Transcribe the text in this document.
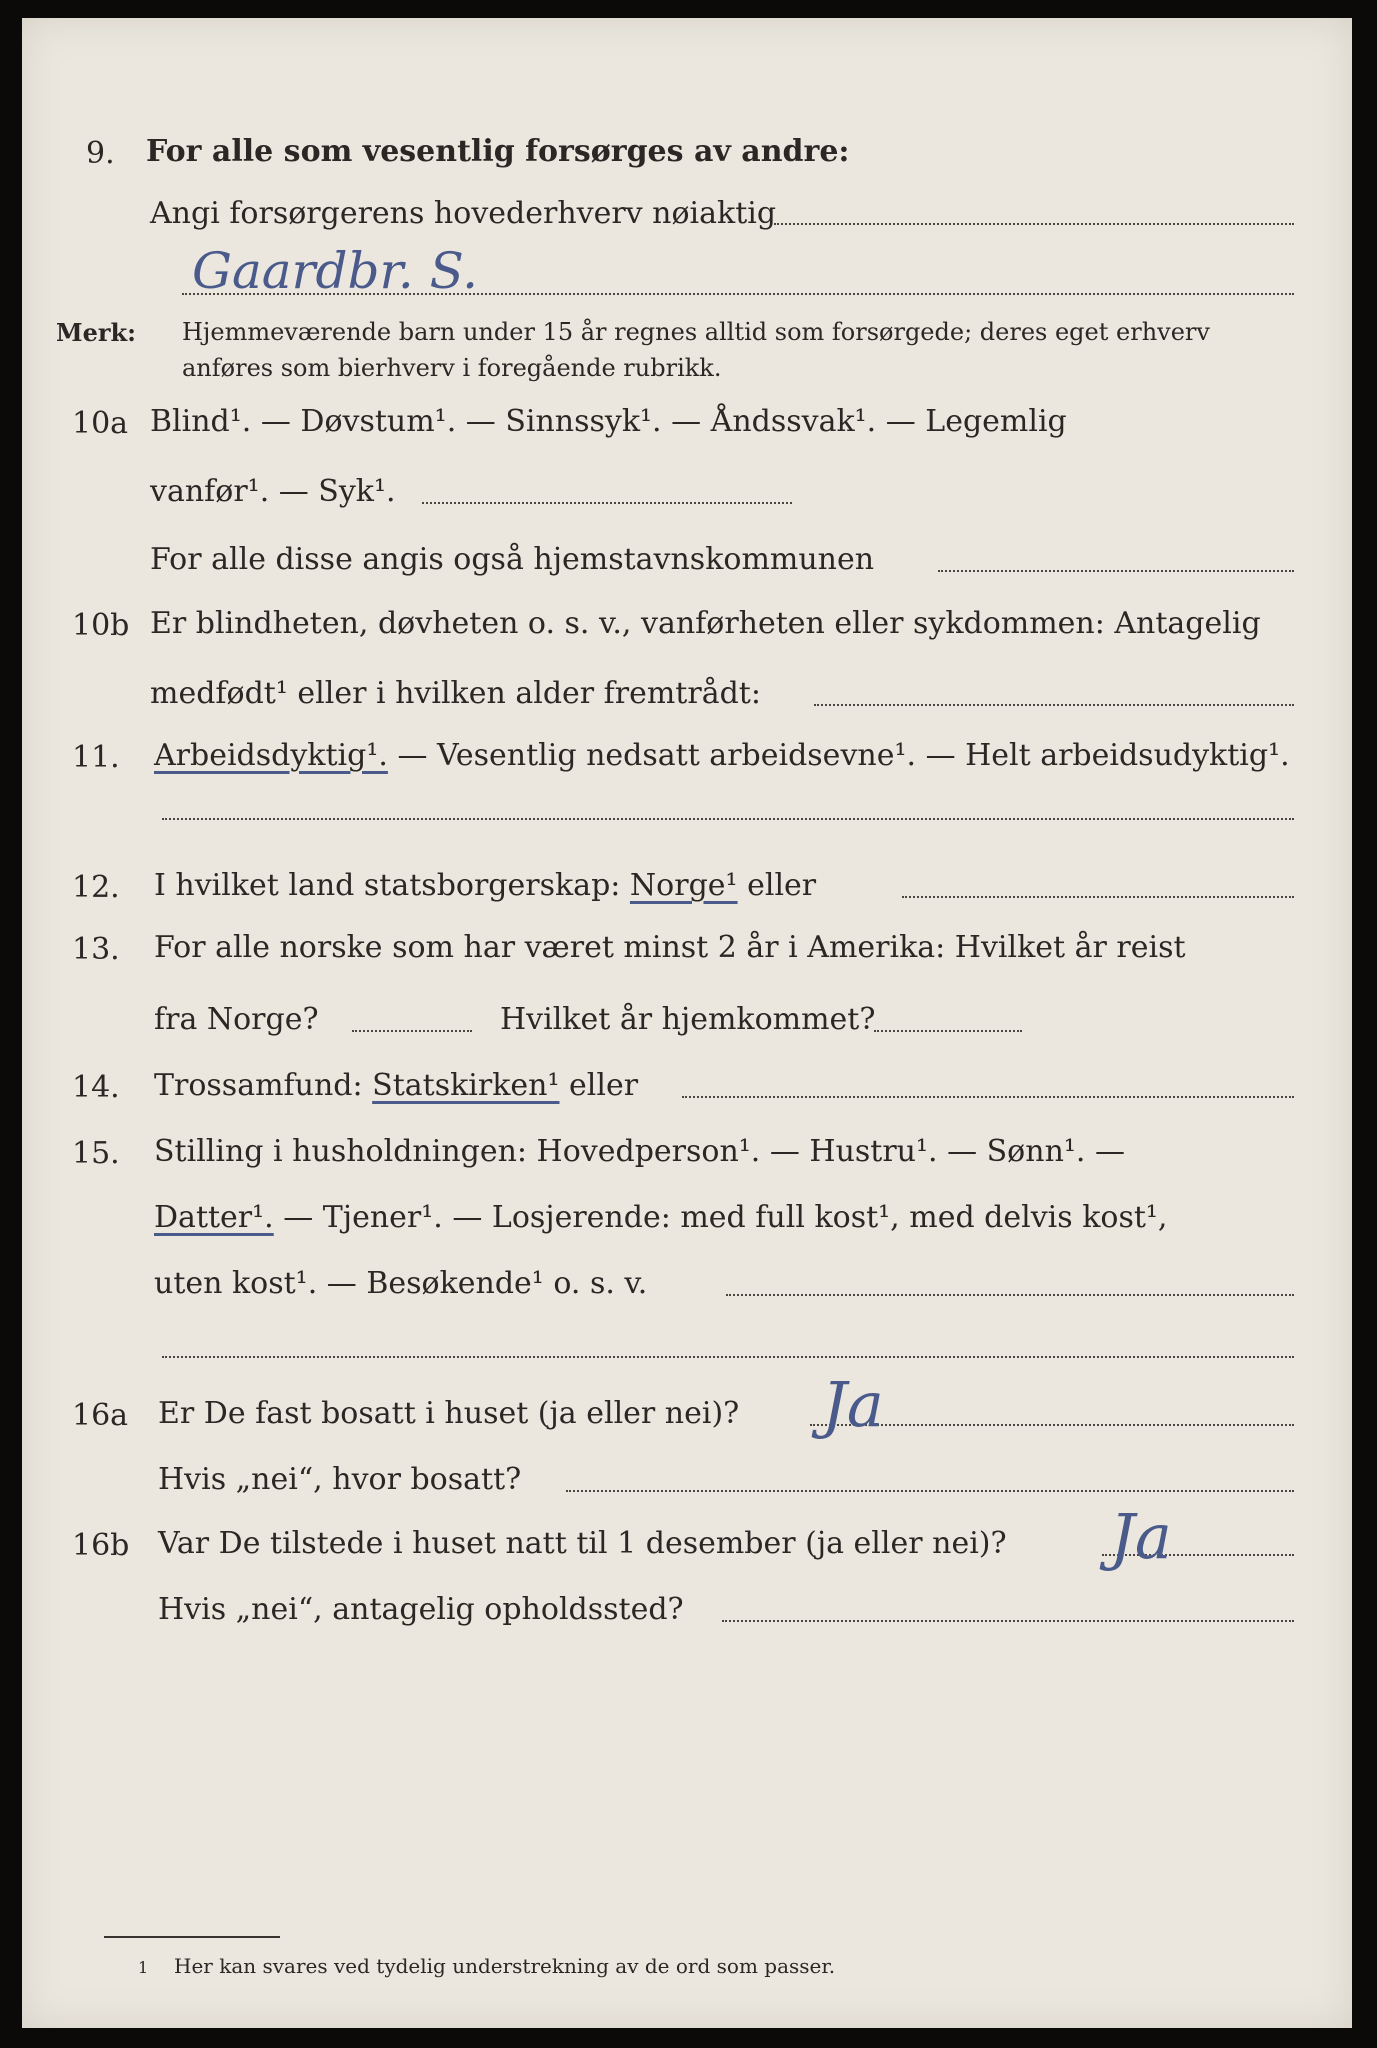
9. For alle som vesentlig forsørges av andre:
Angi forsørgerens hovederhverv nøiaktig
Gaardbr. S.
Merk: Hjemmeværende barn under 15 år regnes alltid som forsørgede; deres eget erhverv
anføres som bierhverv i foregående rubrikk.
10a Blind¹. — Døvstum¹. — Sinnssyk¹. — Åndssvak¹. — Legemlig
vanfør¹. — Syk¹.
For alle disse angis også hjemstavnskommunen
10b Er blindheten, døvheten o. s. v., vanførheten eller sykdommen: Antagelig
medfødt¹ eller i hvilken alder fremtrådt:
11. Arbeidsdyktig¹. — Vesentlig nedsatt arbeidsevne¹. — Helt arbeidsudyktig¹.
12. I hvilket land statsborgerskap: Norge¹ eller
13. For alle norske som har været minst 2 år i Amerika: Hvilket år reist
fra Norge?	Hvilket år hjemkommet?
14. Trossamfund: Statskirken¹ eller
15. Stilling i husholdningen: Hovedperson¹. — Hustru¹. — Sønn¹. —
Datter¹. — Tjener¹. — Losjerende: med full kost¹, med delvis kost¹,
uten kost¹. — Besøkende¹ o. s. v.
16a Er De fast bosatt i huset (ja eller nei)? Ja
Hvis „nei“, hvor bosatt?
16b Var De tilstede i huset natt til 1 desember (ja eller nei)? Ja
Hvis „nei“, antagelig opholdssted?
1 Her kan svares ved tydelig understrekning av de ord som passer.
